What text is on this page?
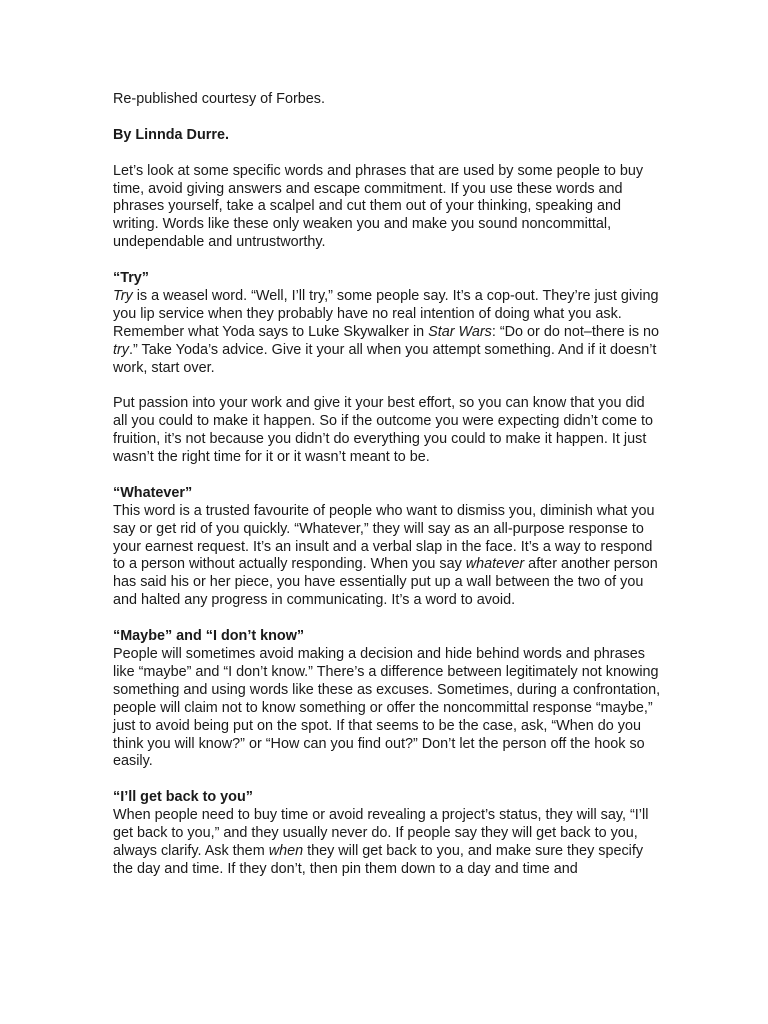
Re-published courtesy of Forbes.

By Linnda Durre.

Let’s look at some specific words and phrases that are used by some people to buy time, avoid giving answers and escape commitment. If you use these words and phrases yourself, take a scalpel and cut them out of your thinking, speaking and writing. Words like these only weaken you and make you sound noncommittal, undependable and untrustworthy.

“Try”

Try is a weasel word. “Well, I’ll try,” some people say. It’s a cop-out. They’re just giving you lip service when they probably have no real intention of doing what you ask. Remember what Yoda says to Luke Skywalker in Star Wars: “Do or do not–there is no try.” Take Yoda’s advice. Give it your all when you attempt something. And if it doesn’t work, start over.

Put passion into your work and give it your best effort, so you can know that you did all you could to make it happen. So if the outcome you were expecting didn’t come to fruition, it’s not because you didn’t do everything you could to make it happen. It just wasn’t the right time for it or it wasn’t meant to be.

“Whatever”

This word is a trusted favourite of people who want to dismiss you, diminish what you say or get rid of you quickly. “Whatever,” they will say as an all-purpose response to your earnest request. It’s an insult and a verbal slap in the face. It’s a way to respond to a person without actually responding. When you say whatever after another person has said his or her piece, you have essentially put up a wall between the two of you and halted any progress in communicating. It’s a word to avoid.

“Maybe” and “I don’t know”

People will sometimes avoid making a decision and hide behind words and phrases like “maybe” and “I don’t know.” There’s a difference between legitimately not knowing something and using words like these as excuses. Sometimes, during a confrontation, people will claim not to know something or offer the noncommittal response “maybe,” just to avoid being put on the spot. If that seems to be the case, ask, “When do you think you will know?” or “How can you find out?” Don’t let the person off the hook so easily.

“I’ll get back to you”

When people need to buy time or avoid revealing a project’s status, they will say, “I’ll get back to you,” and they usually never do. If people say they will get back to you, always clarify. Ask them when they will get back to you, and make sure they specify the day and time. If they don’t, then pin them down to a day and time and
